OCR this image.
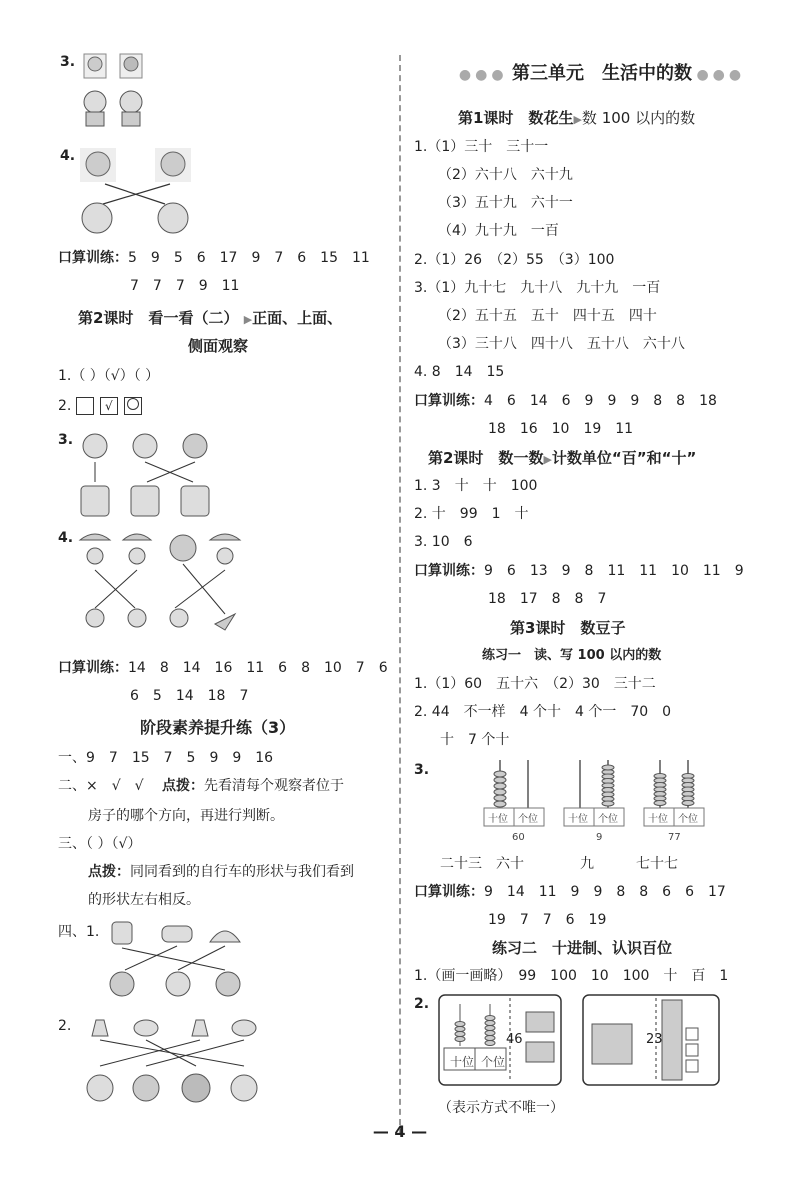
3.
4.
口算训练：5　9　5　6　17　9　7　6　15　11
7　7　7　9　11
第2课时　看一看（二） ▶正面、上面、
侧面观察
1.（ ）（√）（ ）
2.	√
3.
4.
口算训练：14　8　14　16　11　6　8　10　7　6
6　5　14　18　7
阶段素养提升练（3）
一、9　7　15　7　5　9　9　16
二、×　√　√ 点拨：先看清每个观察者位于
房子的哪个方向，再进行判断。
三、（ ）（√）
点拨：同同看到的自行车的形状与我们看到
的形状左右相反。
四、1.
2.
●●● 第三单元　生活中的数 ●●●
第1课时　数花生▶数 100 以内的数
1.（1）三十　三十一
（2）六十八　六十九
（3）五十九　六十一
（4）九十九　一百
2.（1）26　（2）55　（3）100
3.（1）九十七　九十八　九十九　一百
（2）五十五　五十　四十五　四十
（3）三十八　四十八　五十八　六十八
4. 8　14　15
口算训练：4　6　14　6　9　9　9　8　8　18
18　16　10　19　11
第2课时　数一数▶计数单位“百”和“十”
1. 3　十　十　100
2. 十　99　1　十
3. 10　6
口算训练：9　6　13　9　8　11　11　10　11　9
18　17　8　8　7
第3课时　数豆子
练习一　读、写 100 以内的数
1.（1）60　五十六　（2）30　三十二
2. 44　不一样　4 个十　4 个一　70　0
十　7 个十
3.
十位 个位	十位 个位	十位 个位
60	9	77
二十三　六十　　　　九　　　七十七
口算训练：9　14　11　9　9　8　8　6　6　17
19　7　7　6　19
练习二　十进制、认识百位
1.（画一画略）　99　100　10　100　十　百　1
2.
十位 个位
46	23
（表示方式不唯一）
— 4 —
